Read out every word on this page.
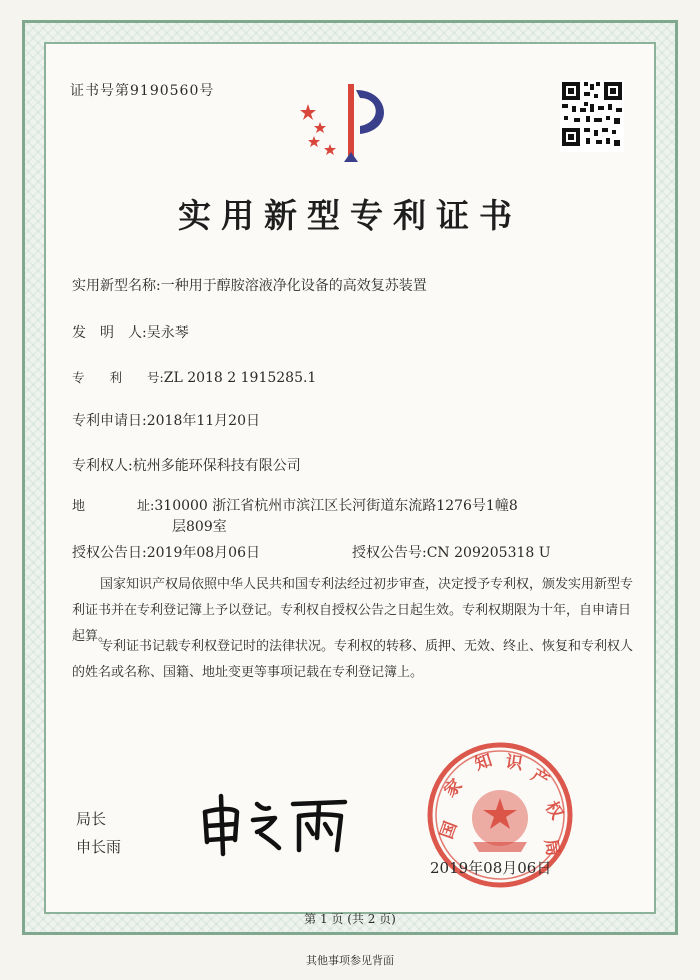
证书号第9190560号
实用新型专利证书
实用新型名称:一种用于醇胺溶液净化设备的高效复苏装置
发　明　人:吴永琴
专　　利　　号:ZL 2018 2 1915285.1
专利申请日:2018年11月20日
专利权人:杭州多能环保科技有限公司
地　　　　址:310000 浙江省杭州市滨江区长河街道东流路1276号1幢8
层809室
授权公告日:2019年08月06日	授权公告号:CN 209205318 U
国家知识产权局依照中华人民共和国专利法经过初步审查，决定授予专利权，颁发实用新型专利证书并在专利登记簿上予以登记。专利权自授权公告之日起生效。专利权期限为十年，自申请日起算。
专利证书记载专利权登记时的法律状况。专利权的转移、质押、无效、终止、恢复和专利权人的姓名或名称、国籍、地址变更等事项记载在专利登记簿上。
局长
申长雨
国
家
知 识
产
权
局
2019年08月06日
第 1 页 (共 2 页)
其他事项参见背面
